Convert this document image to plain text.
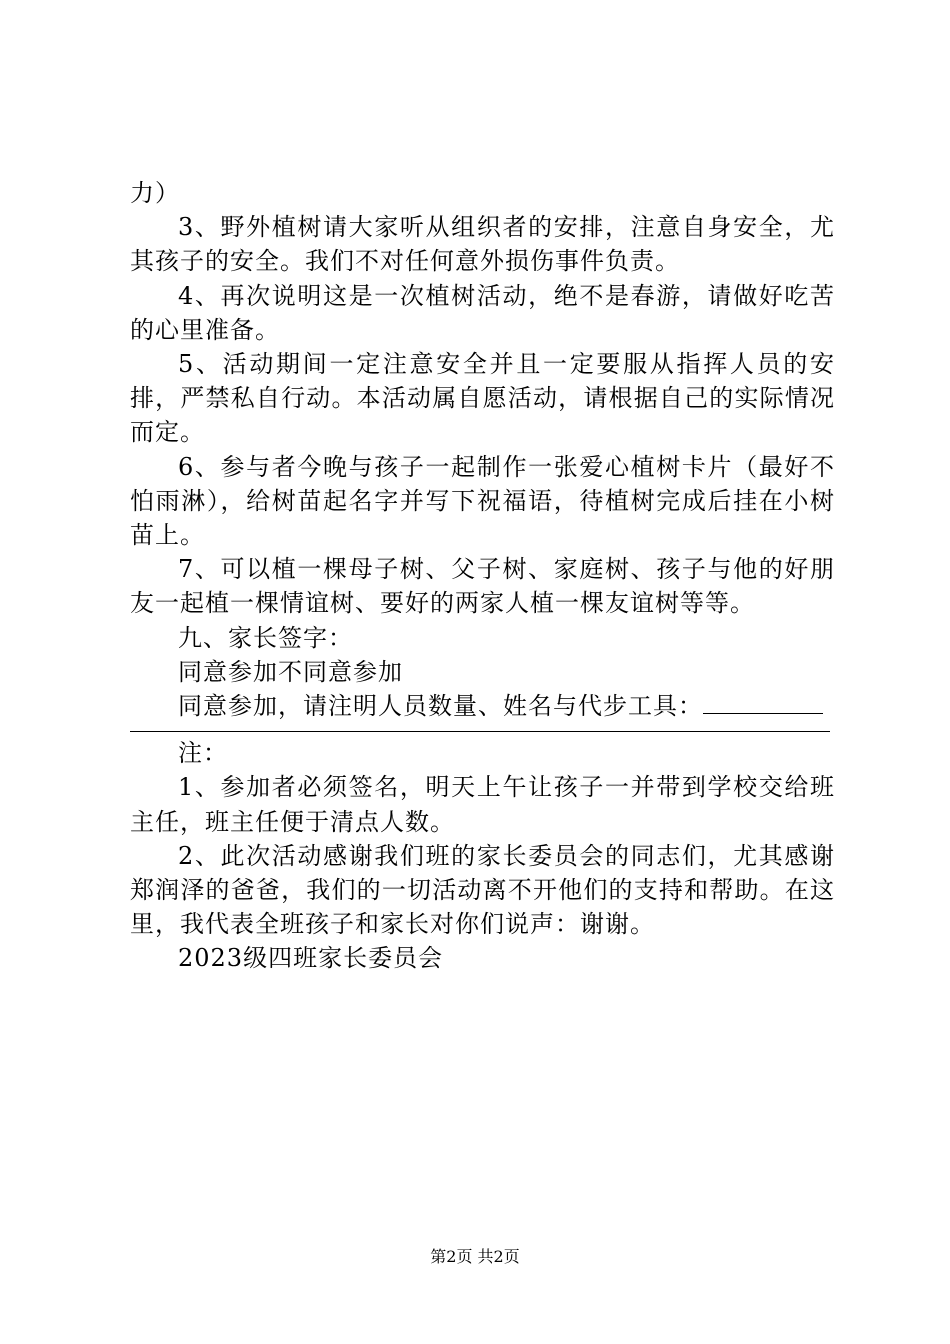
力）

3、野外植树请大家听从组织者的安排，注意自身安全，尤其孩子的安全。我们不对任何意外损伤事件负责。

4、再次说明这是一次植树活动，绝不是春游，请做好吃苦的心里准备。

5、活动期间一定注意安全并且一定要服从指挥人员的安排，严禁私自行动。本活动属自愿活动，请根据自己的实际情况而定。

6、参与者今晚与孩子一起制作一张爱心植树卡片（最好不怕雨淋），给树苗起名字并写下祝福语，待植树完成后挂在小树苗上。

7、可以植一棵母子树、父子树、家庭树、孩子与他的好朋友一起植一棵情谊树、要好的两家人植一棵友谊树等等。

九、家长签字：

同意参加不同意参加

同意参加，请注明人员数量、姓名与代步工具：

注：

1、参加者必须签名，明天上午让孩子一并带到学校交给班主任，班主任便于清点人数。

2、此次活动感谢我们班的家长委员会的同志们，尤其感谢郑润泽的爸爸，我们的一切活动离不开他们的支持和帮助。在这里，我代表全班孩子和家长对你们说声：谢谢。

2023级四班家长委员会

第2页 共2页
